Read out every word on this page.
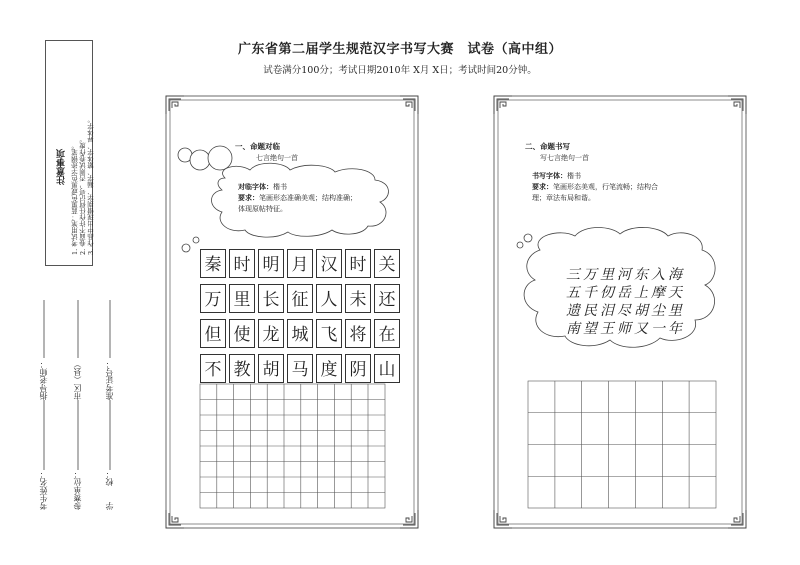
广东省第二届学生规范汉字书写大赛　试卷（高中组）
试卷满分100分；考试日期2010年 X月 X日；考试时间20分钟。
注意事项 1. 考试用笔：蓝黑色或黑色字迹钢笔。 2. 卷面不许作任何记号，否则试卷作废。 3. 作品中出现错别字、漏字、繁体字、异体字。
考生姓名：	参赛单位：	学　　校：
指导老师：	市区（县）	准考证号：
一、命题对临
七言绝句一首
对临字体：楷书
要求：笔画形态准确美观；结构准确；
体现原帖特征。
秦	时	明	月	汉	时	关
万	里	长	征	人	未	还
但	使	龙	城	飞	将	在
不	教	胡	马	度	阴	山
二、命题书写
写七言绝句一首
书写字体：楷书
要求：笔画形态美观，行笔流畅；结构合
理；章法布局和谐。
三万里河东入海
五千仞岳上摩天
遗民泪尽胡尘里
南望王师又一年
